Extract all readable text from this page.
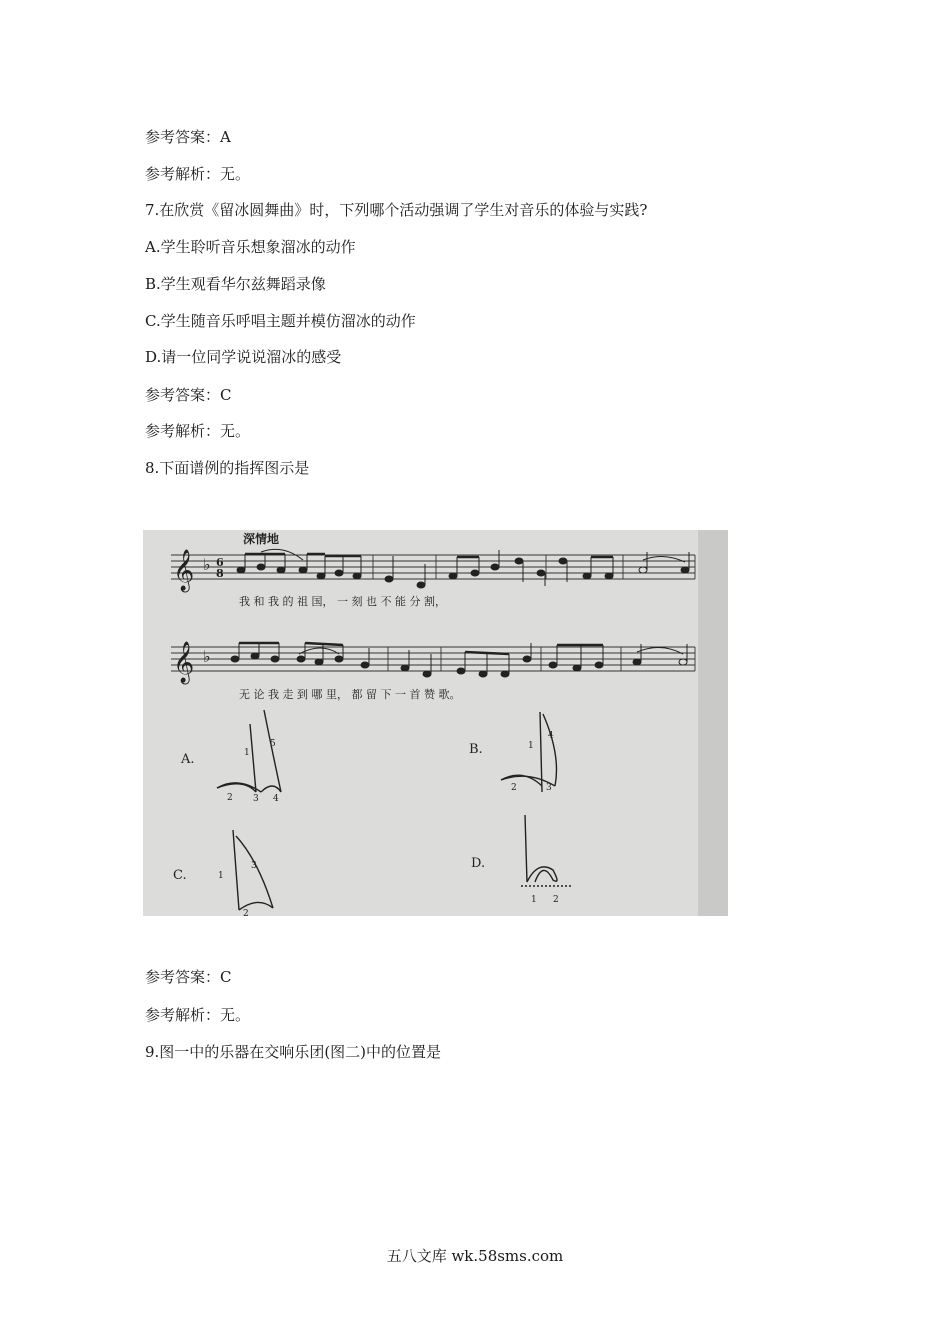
参考答案：A
参考解析：无。
7.在欣赏《留冰圆舞曲》时，下列哪个活动强调了学生对音乐的体验与实践?
A.学生聆听音乐想象溜冰的动作
B.学生观看华尔兹舞蹈录像
C.学生随音乐呼唱主题并模仿溜冰的动作
D.请一位同学说说溜冰的感受
参考答案：C
参考解析：无。
8.下面谱例的指挥图示是
深情地
𝄞 ♭ 6
8
我 和 我 的 祖 国， 一 刻 也 不 能 分 割，
𝄞 ♭
无 论 我 走 到 哪 里， 都 留 下 一 首 赞 歌。
A.	1
2 3 4
5	B.	1
2	3
4
C.	1
2
3	D.
1 2
参考答案：C
参考解析：无。
9.图一中的乐器在交响乐团(图二)中的位置是
五八文库 wk.58sms.com
